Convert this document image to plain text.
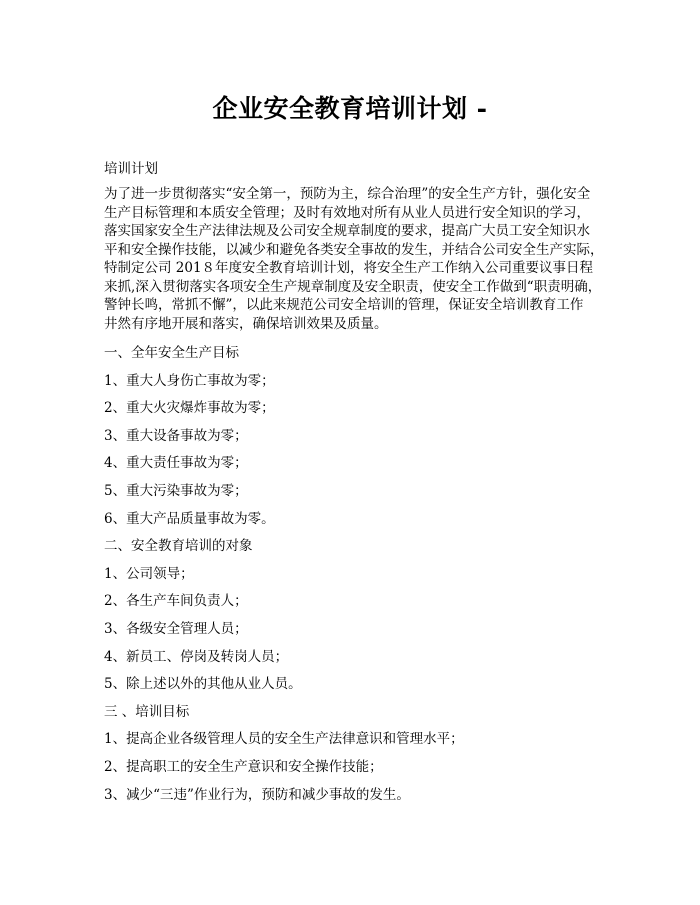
企业安全教育培训计划 -
培训计划
为了进一步贯彻落实“安全第一，预防为主，综合治理”的安全生产方针，强化安全
生产目标管理和本质安全管理；及时有效地对所有从业人员进行安全知识的学习，
落实国家安全生产法律法规及公司安全规章制度的要求，提高广大员工安全知识水
平和安全操作技能，以减少和避免各类安全事故的发生，并结合公司安全生产实际，
特制定公司 201８年度安全教育培训计划，将安全生产工作纳入公司重要议事日程
来抓,深入贯彻落实各项安全生产规章制度及安全职责，使安全工作做到“职责明确，
警钟长鸣，常抓不懈”，以此来规范公司安全培训的管理，保证安全培训教育工作
井然有序地开展和落实，确保培训效果及质量。
一、全年安全生产目标
1、重大人身伤亡事故为零；
2、重大火灾爆炸事故为零；
3、重大设备事故为零；
4、重大责任事故为零；
5、重大污染事故为零；
6、重大产品质量事故为零。
二、安全教育培训的对象
1、公司领导；
2、各生产车间负责人；
3、各级安全管理人员；
4、新员工、停岗及转岗人员；
5、除上述以外的其他从业人员。
三 、培训目标
1、提高企业各级管理人员的安全生产法律意识和管理水平；
2、提高职工的安全生产意识和安全操作技能；
3、减少“三违”作业行为，预防和减少事故的发生。
